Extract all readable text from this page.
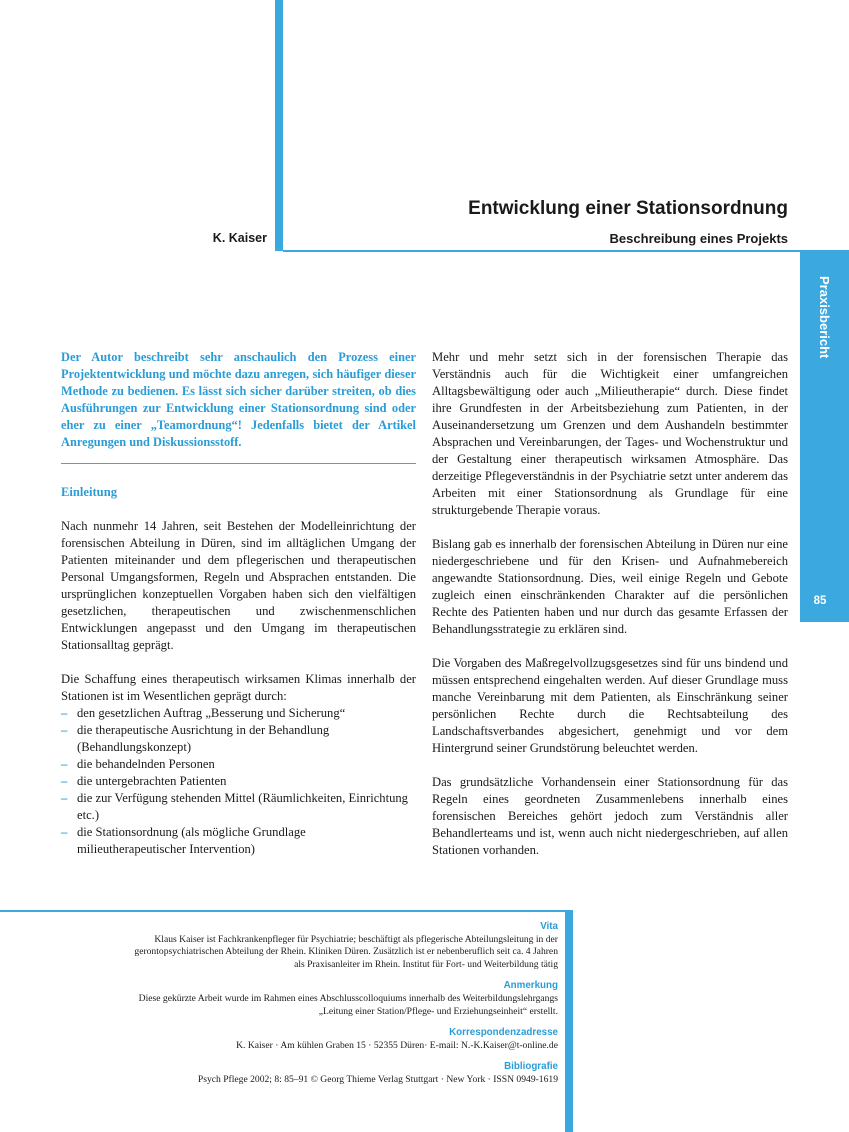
K. Kaiser
Entwicklung einer Stationsordnung
Beschreibung eines Projekts
Praxisbericht
85

Der Autor beschreibt sehr anschaulich den Prozess einer Projektentwicklung und möchte dazu anregen, sich häufiger dieser Methode zu bedienen. Es lässt sich sicher darüber streiten, ob dies Ausführungen zur Entwicklung einer Stationsordnung sind oder eher zu einer „Teamordnung“! Jedenfalls bietet der Artikel Anregungen und Diskussionsstoff.

Einleitung

Nach nunmehr 14 Jahren, seit Bestehen der Modelleinrichtung der forensischen Abteilung in Düren, sind im alltäglichen Umgang der Patienten miteinander und dem pflegerischen und therapeutischen Personal Umgangsformen, Regeln und Absprachen entstanden. Die ursprünglichen konzeptuellen Vorgaben haben sich den vielfältigen gesetzlichen, therapeutischen und zwischenmenschlichen Entwicklungen angepasst und den Umgang im therapeutischen Stationsalltag geprägt.

Die Schaffung eines therapeutisch wirksamen Klimas innerhalb der Stationen ist im Wesentlichen geprägt durch:

– den gesetzlichen Auftrag „Besserung und Sicherung“
– die therapeutische Ausrichtung in der Behandlung (Behandlungskonzept)
– die behandelnden Personen
– die untergebrachten Patienten
– die zur Verfügung stehenden Mittel (Räumlichkeiten, Einrichtung etc.)
– die Stationsordnung (als mögliche Grundlage milieutherapeutischer Intervention)

Mehr und mehr setzt sich in der forensischen Therapie das Verständnis auch für die Wichtigkeit einer umfangreichen Alltagsbewältigung oder auch „Milieutherapie“ durch. Diese findet ihre Grundfesten in der Arbeitsbeziehung zum Patienten, in der Auseinandersetzung um Grenzen und dem Aushandeln bestimmter Absprachen und Vereinbarungen, der Tages- und Wochenstruktur und der Gestaltung einer therapeutisch wirksamen Atmosphäre. Das derzeitige Pflegeverständnis in der Psychiatrie setzt unter anderem das Arbeiten mit einer Stationsordnung als Grundlage für eine strukturgebende Therapie voraus.

Bislang gab es innerhalb der forensischen Abteilung in Düren nur eine niedergeschriebene und für den Krisen- und Aufnahmebereich angewandte Stationsordnung. Dies, weil einige Regeln und Gebote zugleich einen einschränkenden Charakter auf die persönlichen Rechte des Patienten haben und nur durch das gesamte Erfassen der Behandlungsstrategie zu erklären sind.

Die Vorgaben des Maßregelvollzugsgesetzes sind für uns bindend und müssen entsprechend eingehalten werden. Auf dieser Grundlage muss manche Vereinbarung mit dem Patienten, als Einschränkung seiner persönlichen Rechte durch die Rechtsabteilung des Landschaftsverbandes abgesichert, genehmigt und vor dem Hintergrund seiner Grundstörung beleuchtet werden.

Das grundsätzliche Vorhandensein einer Stationsordnung für das Regeln eines geordneten Zusammenlebens innerhalb eines forensischen Bereiches gehört jedoch zum Verständnis aller Behandlerteams und ist, wenn auch nicht niedergeschrieben, auf allen Stationen vorhanden.

Vita
Klaus Kaiser ist Fachkrankenpfleger für Psychiatrie; beschäftigt als pflegerische Abteilungsleitung in der
gerontopsychiatrischen Abteilung der Rhein. Kliniken Düren. Zusätzlich ist er nebenberuflich seit ca. 4 Jahren
als Praxisanleiter im Rhein. Institut für Fort- und Weiterbildung tätig
Anmerkung
Diese gekürzte Arbeit wurde im Rahmen eines Abschlusscolloquiums innerhalb des Weiterbildungslehrgangs
„Leitung einer Station/Pflege- und Erziehungseinheit“ erstellt.
Korrespondenzadresse
K. Kaiser · Am kühlen Graben 15 · 52355 Düren· E-mail: N.-K.Kaiser@t-online.de
Bibliografie
Psych Pflege 2002; 8: 85–91 © Georg Thieme Verlag Stuttgart · New York · ISSN 0949-1619
